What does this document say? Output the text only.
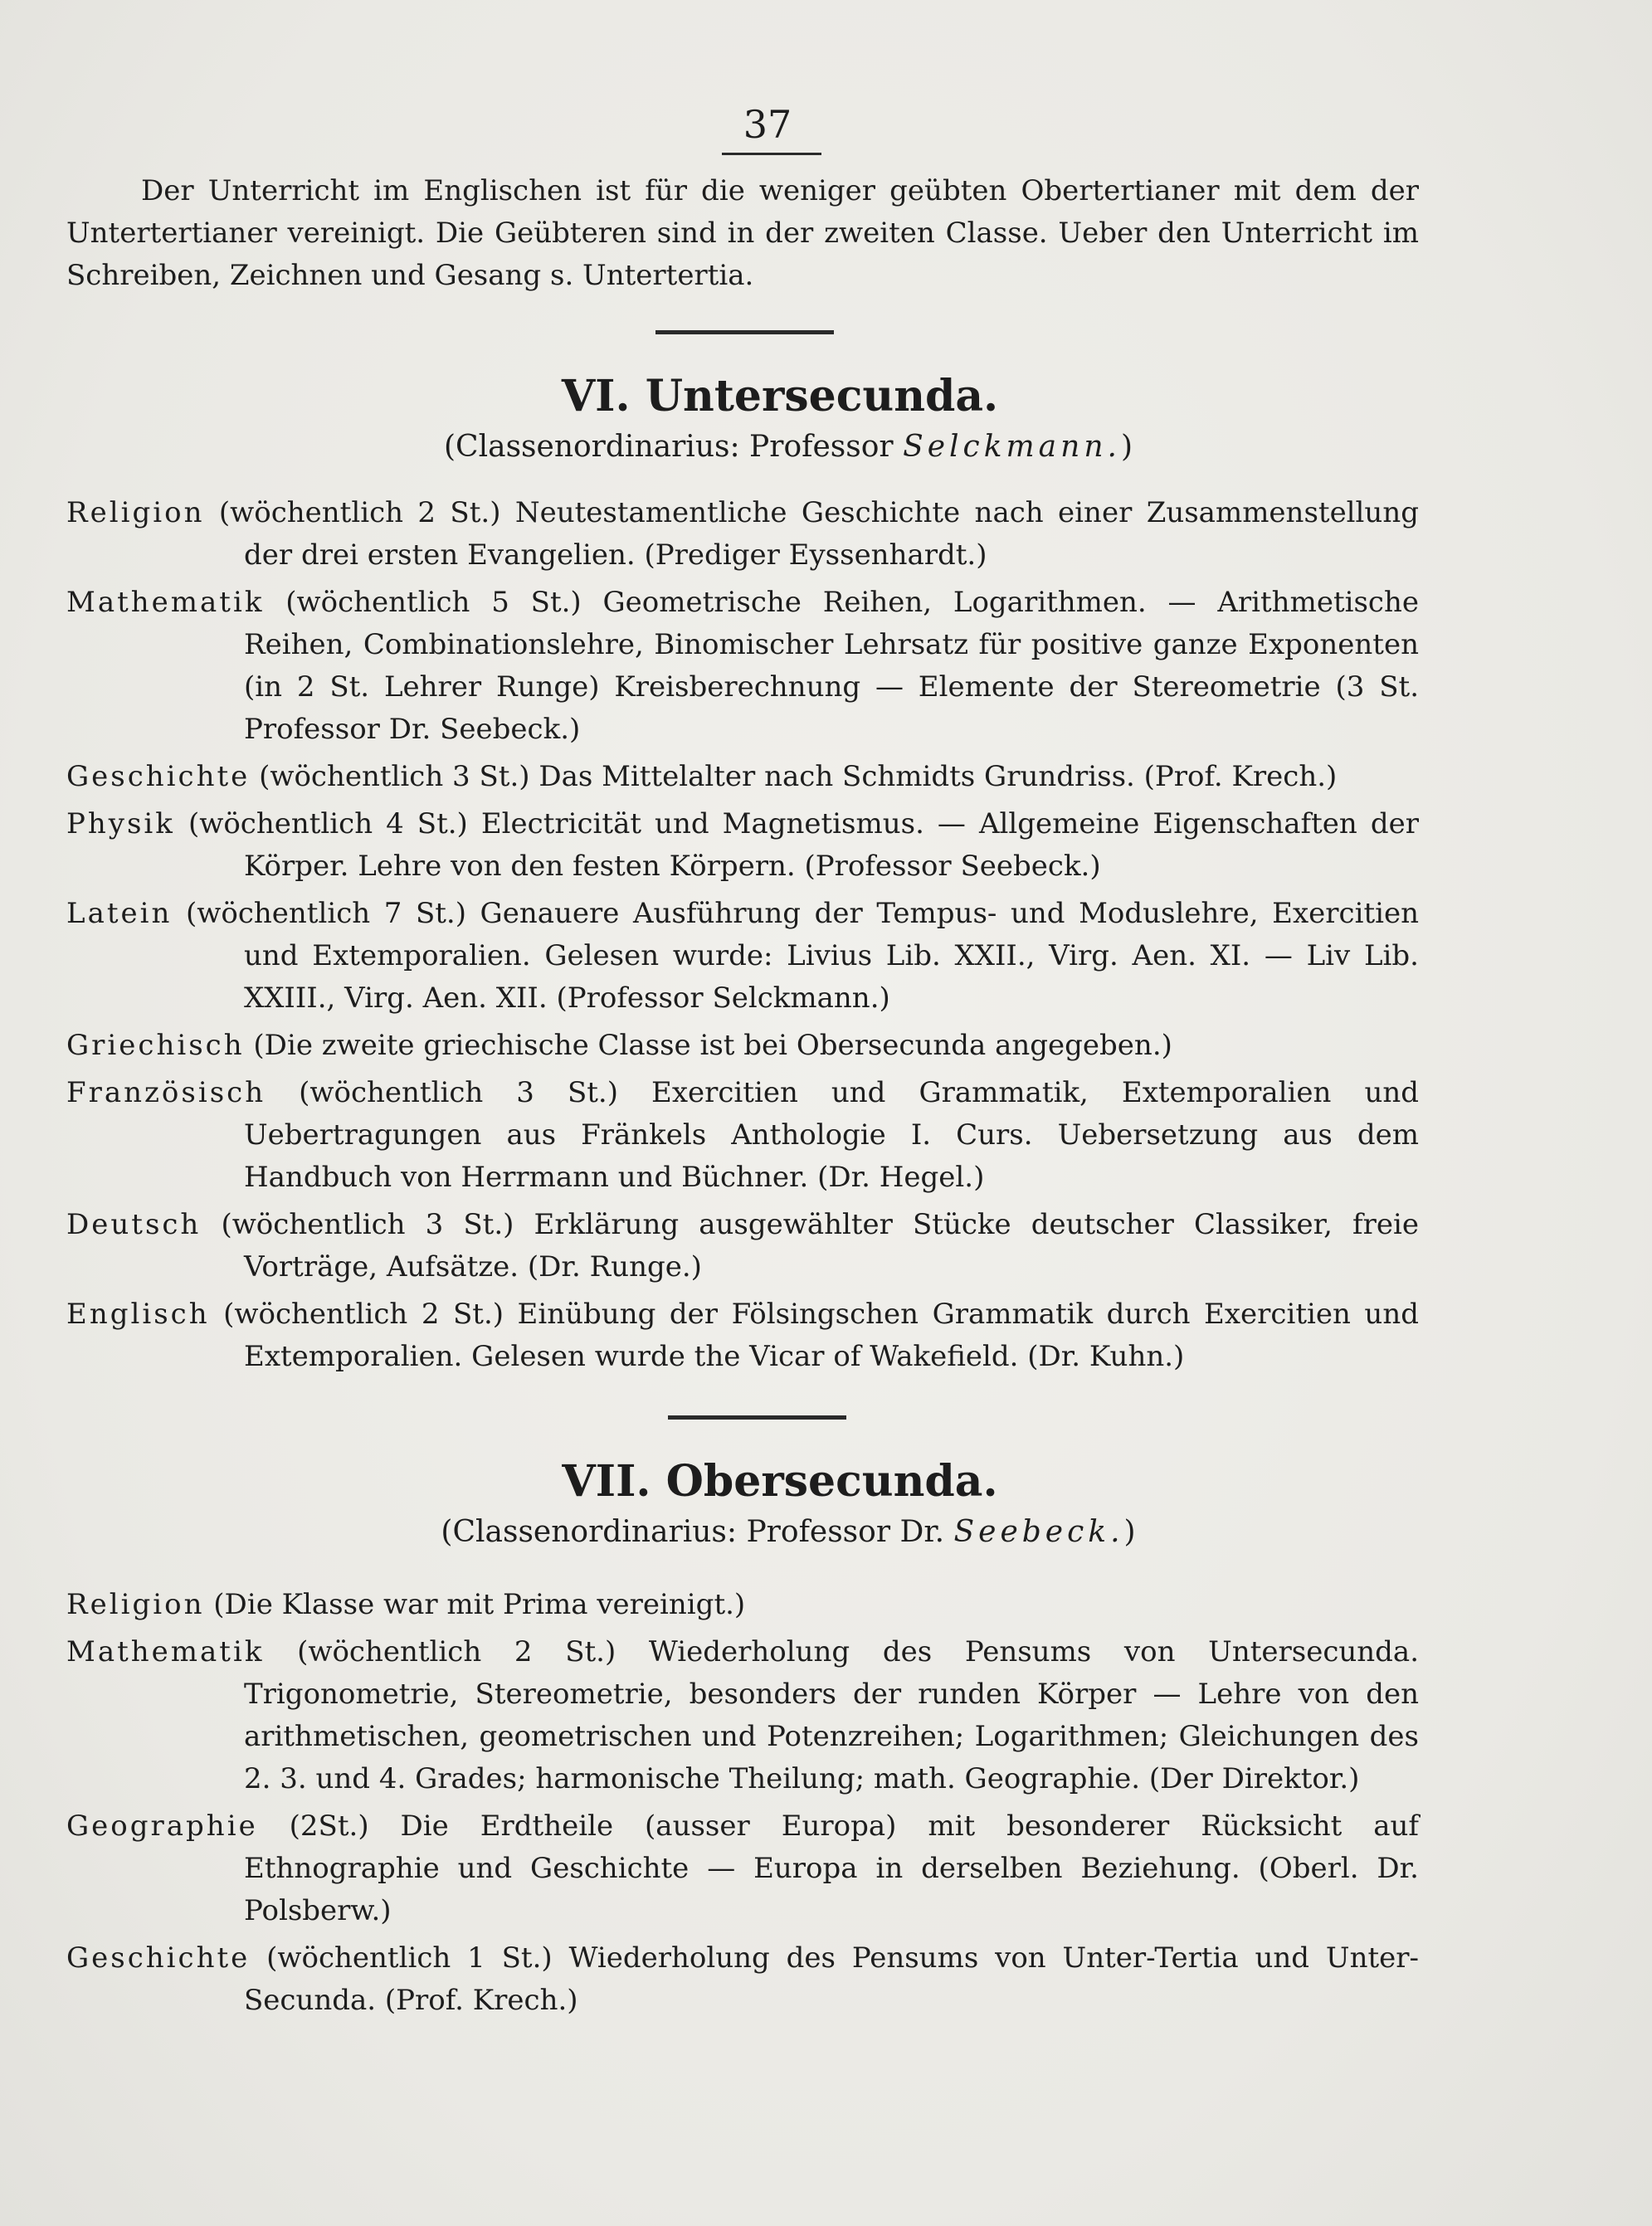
37

Der Unterricht im Englischen ist für die weniger geübten Obertertianer mit dem der Untertertianer vereinigt. Die Geübteren sind in der zweiten Classe. Ueber den Unterricht im Schreiben, Zeichnen und Gesang s. Untertertia.

VI. Untersecunda.
(Classenordinarius: Professor Selckmann.)
Religion (wöchentlich 2 St.) Neutestamentliche Geschichte nach einer Zusammenstellung der drei ersten Evangelien. (Prediger Eyssenhardt.)
Mathematik (wöchentlich 5 St.) Geometrische Reihen, Logarithmen. — Arithmetische Reihen, Combinationslehre, Binomischer Lehrsatz für positive ganze Exponenten (in 2 St. Lehrer Runge) Kreisberechnung — Elemente der Stereometrie (3 St. Professor Dr. Seebeck.)
Geschichte (wöchentlich 3 St.) Das Mittelalter nach Schmidts Grundriss. (Prof. Krech.)
Physik (wöchentlich 4 St.) Electricität und Magnetismus. — Allgemeine Eigenschaften der Körper. Lehre von den festen Körpern. (Professor Seebeck.)
Latein (wöchentlich 7 St.) Genauere Ausführung der Tempus- und Moduslehre, Exercitien und Extemporalien. Gelesen wurde: Livius Lib. XXII., Virg. Aen. XI. — Liv Lib. XXIII., Virg. Aen. XII. (Professor Selckmann.)
Griechisch (Die zweite griechische Classe ist bei Obersecunda angegeben.)
Französisch (wöchentlich 3 St.) Exercitien und Grammatik, Extemporalien und Uebertragungen aus Fränkels Anthologie I. Curs. Uebersetzung aus dem Handbuch von Herrmann und Büchner. (Dr. Hegel.)
Deutsch (wöchentlich 3 St.) Erklärung ausgewählter Stücke deutscher Classiker, freie Vorträge, Aufsätze. (Dr. Runge.)
Englisch (wöchentlich 2 St.) Einübung der Fölsingschen Grammatik durch Exercitien und Extemporalien. Gelesen wurde the Vicar of Wakefield. (Dr. Kuhn.)
VII. Obersecunda.
(Classenordinarius: Professor Dr. Seebeck.)
Religion (Die Klasse war mit Prima vereinigt.)
Mathematik (wöchentlich 2 St.) Wiederholung des Pensums von Untersecunda. Trigonometrie, Stereometrie, besonders der runden Körper — Lehre von den arithmetischen, geometrischen und Potenzreihen; Logarithmen; Gleichungen des 2. 3. und 4. Grades; harmonische Theilung; math. Geographie. (Der Direktor.)
Geographie (2St.) Die Erdtheile (ausser Europa) mit besonderer Rücksicht auf Ethnographie und Geschichte — Europa in derselben Beziehung. (Oberl. Dr. Polsberw.)
Geschichte (wöchentlich 1 St.) Wiederholung des Pensums von Unter-Tertia und Unter-Secunda. (Prof. Krech.)
